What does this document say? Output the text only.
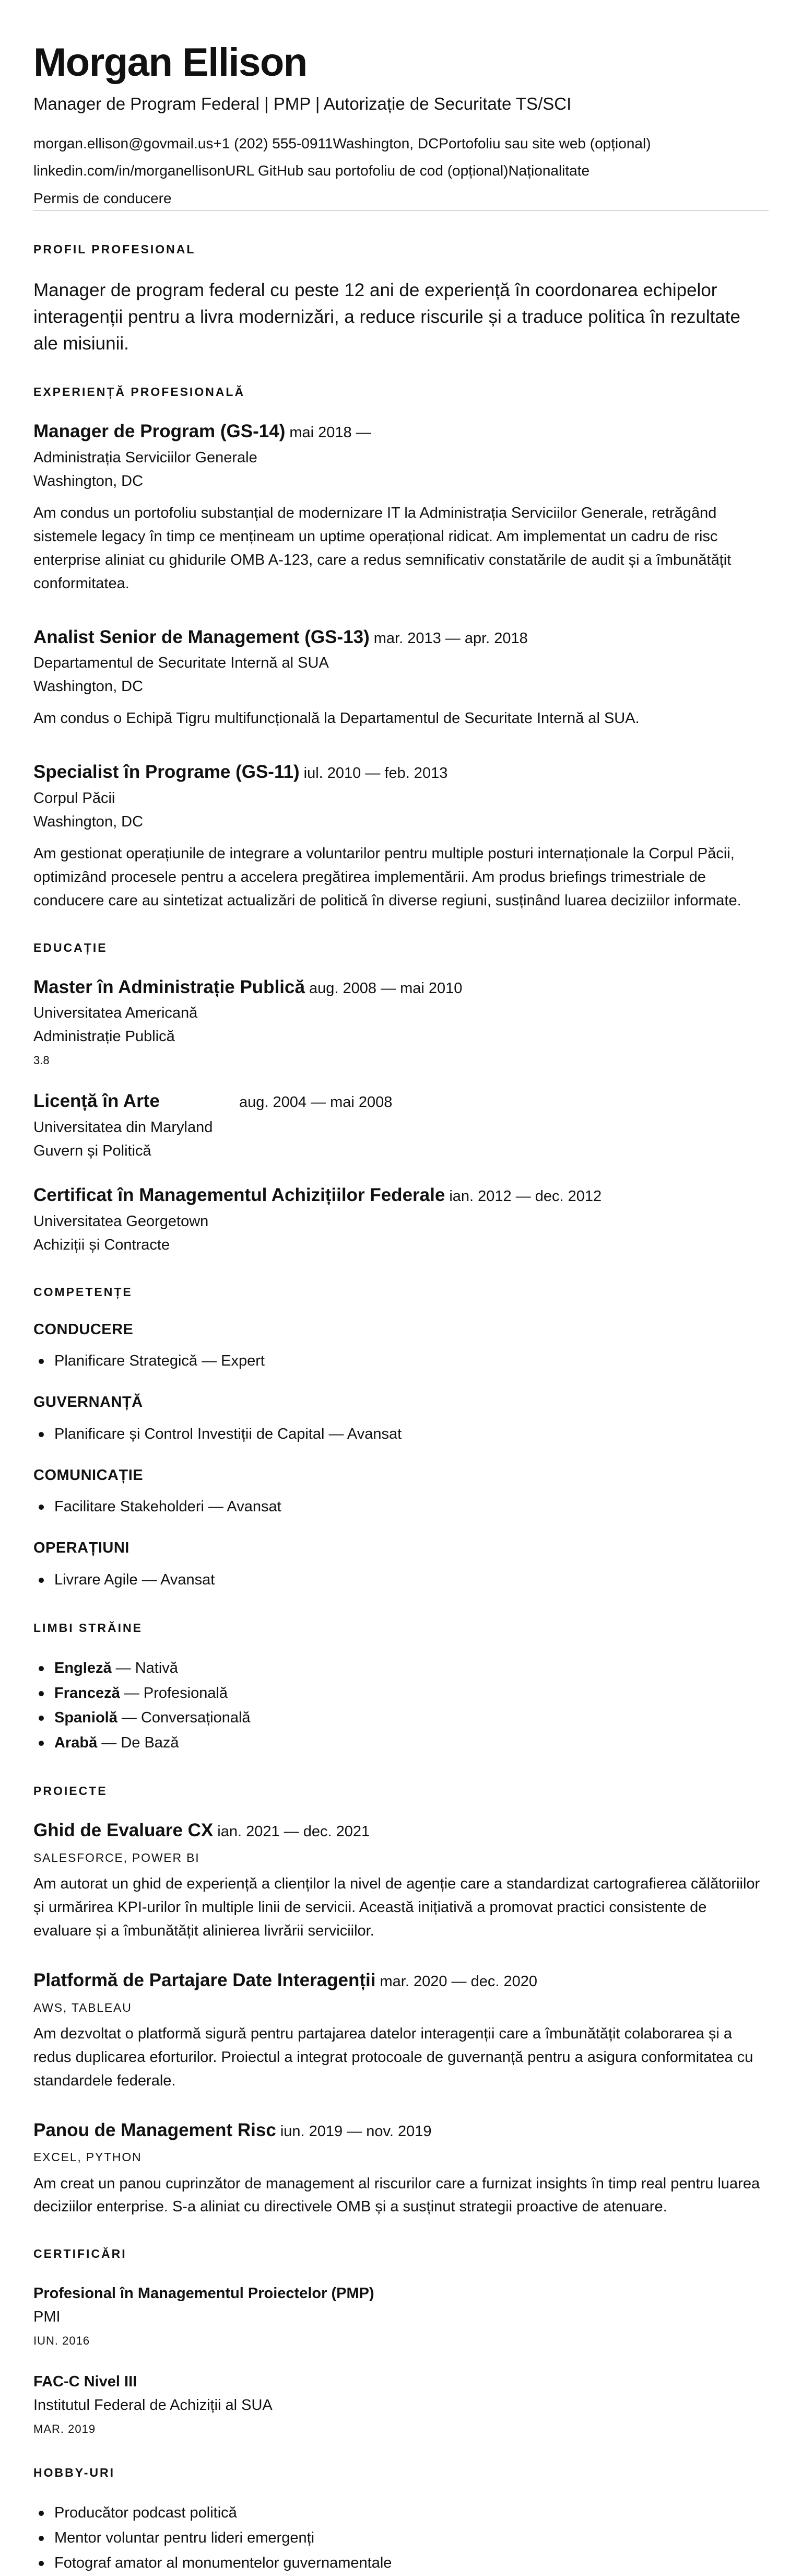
Morgan Ellison
Manager de Program Federal | PMP | Autorizație de Securitate TS/SCI
morgan.ellison@govmail.us+1 (202) 555-0911Washington, DCPortofoliu sau site web (opțional)
linkedin.com/in/morganellisonURL GitHub sau portofoliu de cod (opțional)Naționalitate
Permis de conducere
PROFIL PROFESIONAL

Manager de program federal cu peste 12 ani de experiență în coordonarea echipelor interagenții pentru a livra modernizări, a reduce riscurile și a traduce politica în rezultate ale misiunii.

EXPERIENȚĂ PROFESIONALĂ
Manager de Program (GS-14) mai 2018 —
Administrația Serviciilor Generale
Washington, DC

Am condus un portofoliu substanțial de modernizare IT la Administrația Serviciilor Generale, retrăgând sistemele legacy în timp ce mențineam un uptime operațional ridicat. Am implementat un cadru de risc enterprise aliniat cu ghidurile OMB A-123, care a redus semnificativ constatările de audit și a îmbunătățit conformitatea.

Analist Senior de Management (GS-13) mar. 2013 — apr. 2018
Departamentul de Securitate Internă al SUA
Washington, DC

Am condus o Echipă Tigru multifuncțională la Departamentul de Securitate Internă al SUA.

Specialist în Programe (GS-11) iul. 2010 — feb. 2013
Corpul Păcii
Washington, DC

Am gestionat operațiunile de integrare a voluntarilor pentru multiple posturi internaționale la Corpul Păcii, optimizând procesele pentru a accelera pregătirea implementării. Am produs briefings trimestriale de conducere care au sintetizat actualizări de politică în diverse regiuni, susținând luarea deciziilor informate.

EDUCAȚIE
Master în Administrație Publică aug. 2008 — mai 2010
Universitatea Americană
Administrație Publică
3.8
Licență în Arte	aug. 2004 — mai 2008
Universitatea din Maryland
Guvern și Politică
Certificat în Managementul Achizițiilor Federale ian. 2012 — dec. 2012
Universitatea Georgetown
Achiziții și Contracte
COMPETENȚE
CONDUCERE
Planificare Strategică — Expert
GUVERNANȚĂ
Planificare și Control Investiții de Capital — Avansat
COMUNICAȚIE
Facilitare Stakeholderi — Avansat
OPERAȚIUNI
Livrare Agile — Avansat
LIMBI STRĂINE
Engleză — Nativă
Franceză — Profesională
Spaniolă — Conversațională
Arabă — De Bază
PROIECTE
Ghid de Evaluare CX ian. 2021 — dec. 2021
SALESFORCE, POWER BI

Am autorat un ghid de experiență a clienților la nivel de agenție care a standardizat cartografierea călătoriilor și urmărirea KPI-urilor în multiple linii de servicii. Această inițiativă a promovat practici consistente de evaluare și a îmbunătățit alinierea livrării serviciilor.

Platformă de Partajare Date Interagenții mar. 2020 — dec. 2020
AWS, TABLEAU

Am dezvoltat o platformă sigură pentru partajarea datelor interagenții care a îmbunătățit colaborarea și a redus duplicarea eforturilor. Proiectul a integrat protocoale de guvernanță pentru a asigura conformitatea cu standardele federale.

Panou de Management Risc iun. 2019 — nov. 2019
EXCEL, PYTHON

Am creat un panou cuprinzător de management al riscurilor care a furnizat insights în timp real pentru luarea deciziilor enterprise. S-a aliniat cu directivele OMB și a susținut strategii proactive de atenuare.

CERTIFICĂRI
Profesional în Managementul Proiectelor (PMP)
PMI
IUN. 2016
FAC-C Nivel III
Institutul Federal de Achiziții al SUA
MAR. 2019
HOBBY-URI
Producător podcast politică
Mentor voluntar pentru lideri emergenți
Fotograf amator al monumentelor guvernamentale
